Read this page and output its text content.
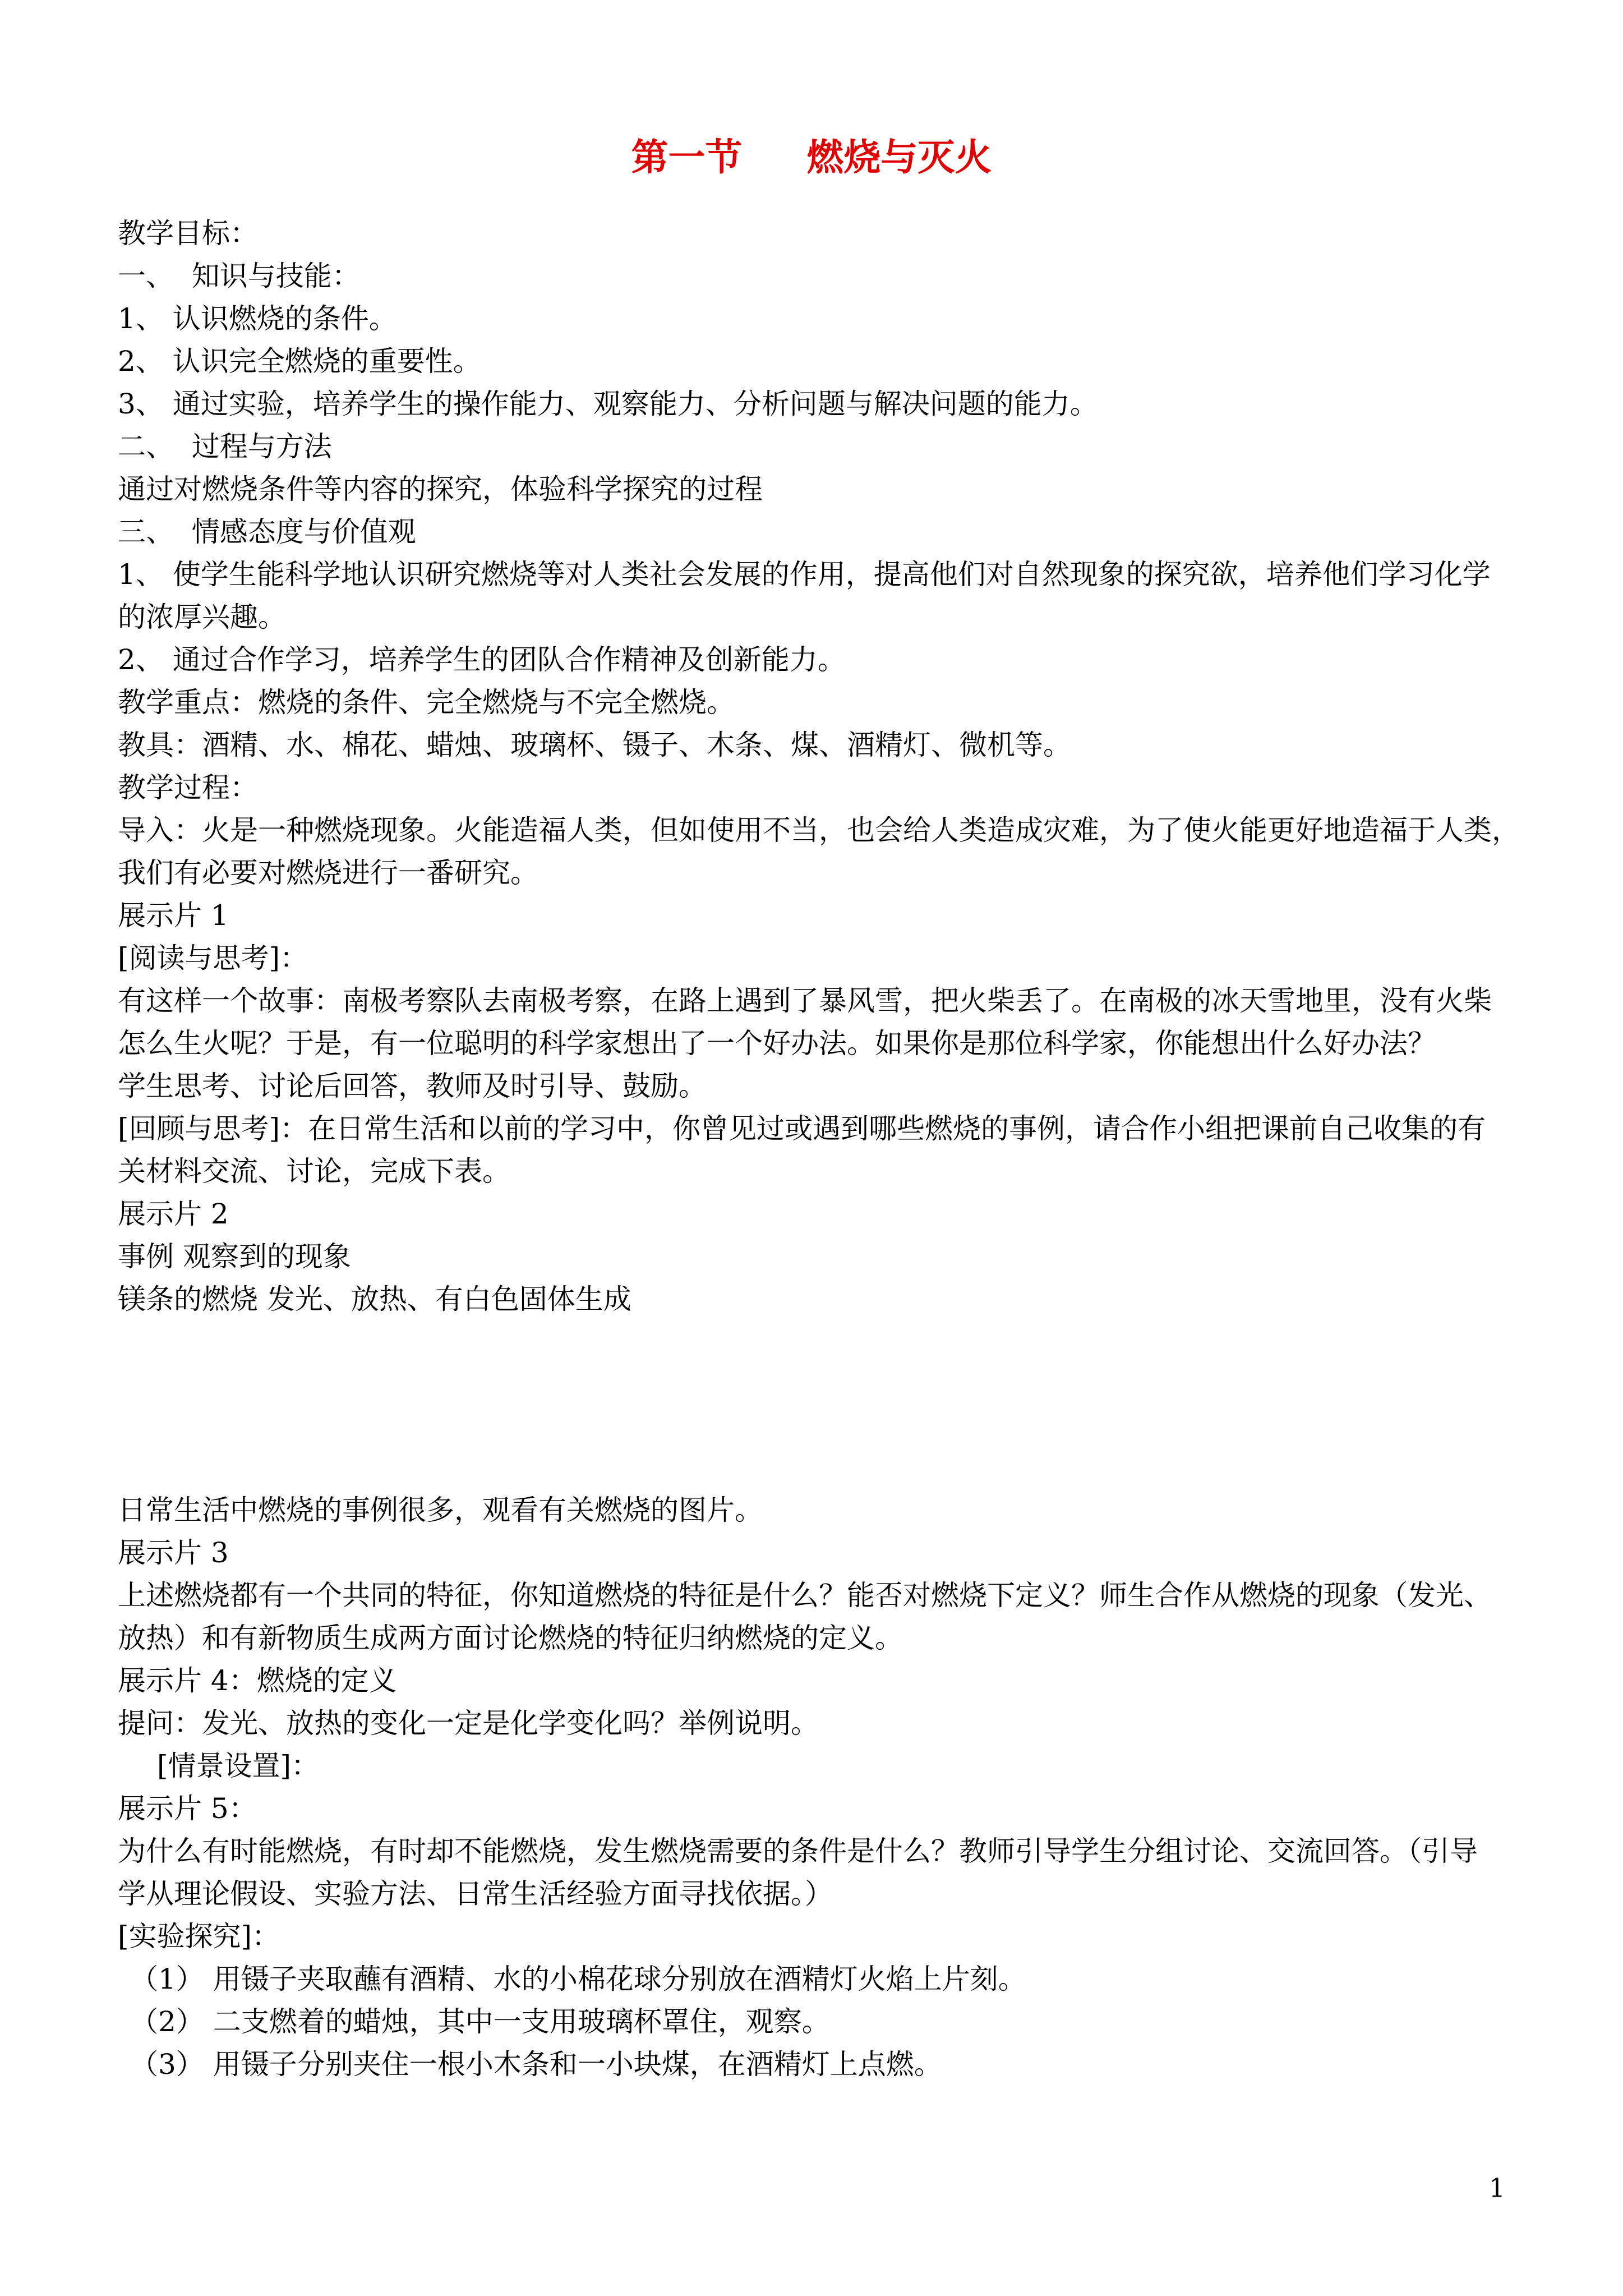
第一节     燃烧与灭火
教学目标：
一、  知识与技能：
1、 认识燃烧的条件。
2、 认识完全燃烧的重要性。
3、 通过实验，培养学生的操作能力、观察能力、分析问题与解决问题的能力。
二、  过程与方法
通过对燃烧条件等内容的探究，体验科学探究的过程
三、  情感态度与价值观
1、 使学生能科学地认识研究燃烧等对人类社会发展的作用，提高他们对自然现象的探究欲，培养他们学习化学
的浓厚兴趣。
2、 通过合作学习，培养学生的团队合作精神及创新能力。
教学重点：燃烧的条件、完全燃烧与不完全燃烧。
教具：酒精、水、棉花、蜡烛、玻璃杯、镊子、木条、煤、酒精灯、微机等。
教学过程：
导入：火是一种燃烧现象。火能造福人类，但如使用不当，也会给人类造成灾难，为了使火能更好地造福于人类，
我们有必要对燃烧进行一番研究。
展示片 1
[阅读与思考]：
有这样一个故事：南极考察队去南极考察，在路上遇到了暴风雪，把火柴丢了。在南极的冰天雪地里，没有火柴
怎么生火呢？于是，有一位聪明的科学家想出了一个好办法。如果你是那位科学家，你能想出什么好办法？
学生思考、讨论后回答，教师及时引导、鼓励。
[回顾与思考]：在日常生活和以前的学习中，你曾见过或遇到哪些燃烧的事例，请合作小组把课前自己收集的有
关材料交流、讨论，完成下表。
展示片 2
事例 观察到的现象
镁条的燃烧 发光、放热、有白色固体生成
日常生活中燃烧的事例很多，观看有关燃烧的图片。
展示片 3
上述燃烧都有一个共同的特征，你知道燃烧的特征是什么？能否对燃烧下定义？师生合作从燃烧的现象（发光、
放热）和有新物质生成两方面讨论燃烧的特征归纳燃烧的定义。
展示片 4：燃烧的定义
提问：发光、放热的变化一定是化学变化吗？举例说明。
[情景设置]：
展示片 5：
为什么有时能燃烧，有时却不能燃烧，发生燃烧需要的条件是什么？教师引导学生分组讨论、交流回答。（引导
学从理论假设、实验方法、日常生活经验方面寻找依据。）
[实验探究]：
（1） 用镊子夹取蘸有酒精、水的小棉花球分别放在酒精灯火焰上片刻。
（2） 二支燃着的蜡烛，其中一支用玻璃杯罩住，观察。
（3） 用镊子分别夹住一根小木条和一小块煤，在酒精灯上点燃。
1
